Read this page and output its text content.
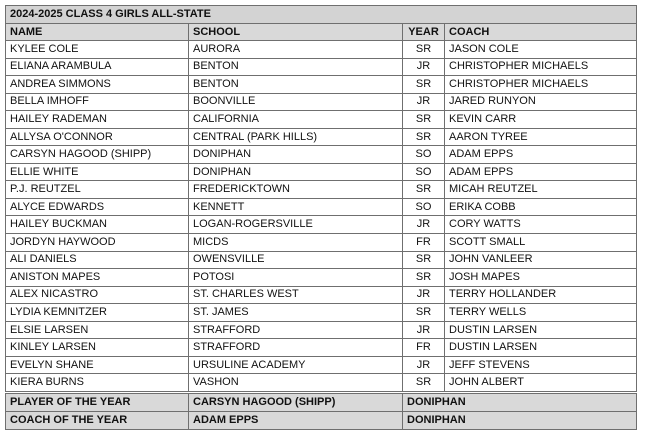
2024-2025 CLASS 4 GIRLS ALL-STATE			
NAME	SCHOOL	YEAR	COACH
KYLEE COLE	AURORA	SR	JASON COLE
ELIANA ARAMBULA	BENTON	JR	CHRISTOPHER MICHAELS
ANDREA SIMMONS	BENTON	SR	CHRISTOPHER MICHAELS
BELLA IMHOFF	BOONVILLE	JR	JARED RUNYON
HAILEY RADEMAN	CALIFORNIA	SR	KEVIN CARR
ALLYSA O'CONNOR	CENTRAL (PARK HILLS)	SR	AARON TYREE
CARSYN HAGOOD (SHIPP)	DONIPHAN	SO	ADAM EPPS
ELLIE WHITE	DONIPHAN	SO	ADAM EPPS
P.J. REUTZEL	FREDERICKTOWN	SR	MICAH REUTZEL
ALYCE EDWARDS	KENNETT	SO	ERIKA COBB
HAILEY BUCKMAN	LOGAN-ROGERSVILLE	JR	CORY WATTS
JORDYN HAYWOOD	MICDS	FR	SCOTT SMALL
ALI DANIELS	OWENSVILLE	SR	JOHN VANLEER
ANISTON MAPES	POTOSI	SR	JOSH MAPES
ALEX NICASTRO	ST. CHARLES WEST	JR	TERRY HOLLANDER
LYDIA KEMNITZER	ST. JAMES	SR	TERRY WELLS
ELSIE LARSEN	STRAFFORD	JR	DUSTIN LARSEN
KINLEY LARSEN	STRAFFORD	FR	DUSTIN LARSEN
EVELYN SHANE	URSULINE ACADEMY	JR	JEFF STEVENS
KIERA BURNS	VASHON	SR	JOHN ALBERT
PLAYER OF THE YEAR	CARSYN HAGOOD (SHIPP)	DONIPHAN	
COACH OF THE YEAR	ADAM EPPS	DONIPHAN	
